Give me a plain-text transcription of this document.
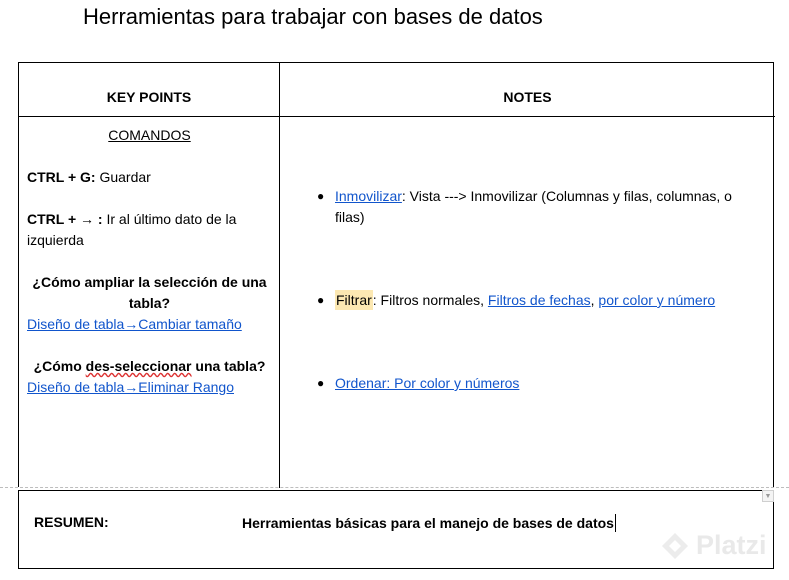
Herramientas para trabajar con bases de datos
KEY POINTS	NOTES
COMANDOS
CTRL + G: Guardar
CTRL + → : Ir al último dato de la izquierda
¿Cómo ampliar la selección de una tabla?
Diseño de tabla→Cambiar tamaño
¿Cómo des-seleccionar una tabla?
Diseño de tabla→Eliminar Rango
● Inmovilizar: Vista ---> Inmovilizar (Columnas y filas, columnas, o filas)
● Filtrar: Filtros normales, Filtros de fechas, por color y número
● Ordenar: Por color y números
RESUMEN:	Herramientas básicas para el manejo de bases de datos
▼
Platzi
